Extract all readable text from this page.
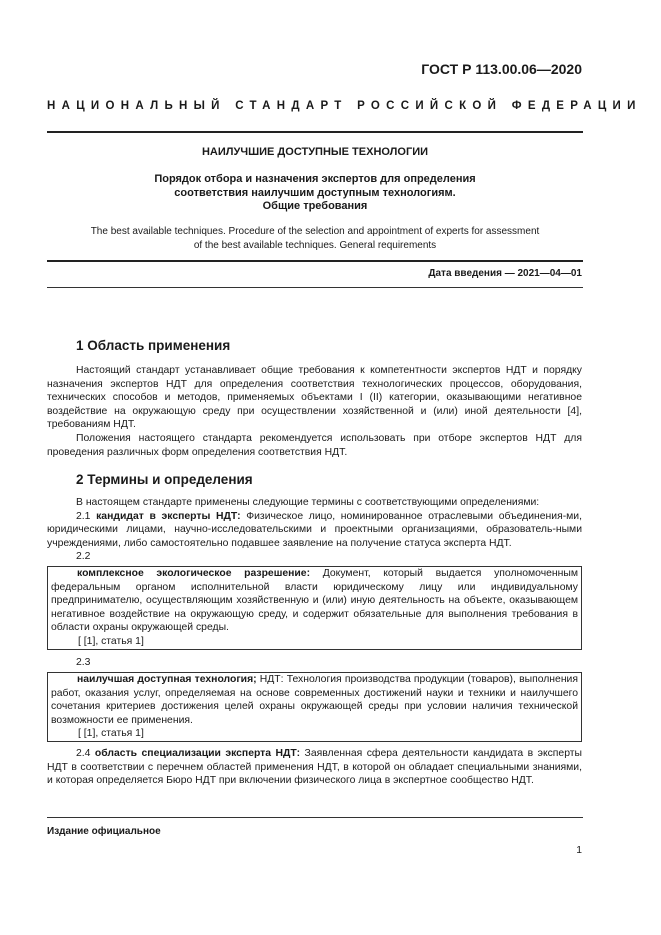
ГОСТ Р 113.00.06—2020
НАЦИОНАЛЬНЫЙ СТАНДАРТ РОССИЙСКОЙ ФЕДЕРАЦИИ
НАИЛУЧШИЕ ДОСТУПНЫЕ ТЕХНОЛОГИИ
Порядок отбора и назначения экспертов для определения
соответствия наилучшим доступным технологиям.
Общие требования
The best available techniques. Procedure of the selection and appointment of experts for assessment
of the best available techniques. General requirements
Дата введения — 2021—04—01
1 Область применения

Настоящий стандарт устанавливает общие требования к компетентности экспертов НДТ и порядку назначения экспертов НДТ для определения соответствия технологических процессов, оборудования, технических способов и методов, применяемых объектами I (II) категории, оказывающими негативное воздействие на окружающую среду при осуществлении хозяйственной и (или) иной деятельности [4], требованиям НДТ.

Положения настоящего стандарта рекомендуется использовать при отборе экспертов НДТ для проведения различных форм определения соответствия НДТ.

2 Термины и определения

В настоящем стандарте применены следующие термины с соответствующими определениями:

2.1 кандидат в эксперты НДТ: Физическое лицо, номинированное отраслевыми объединения-ми, юридическими лицами, научно-исследовательскими и проектными организациями, образователь-ными учреждениями, либо самостоятельно подавшее заявление на получение статуса эксперта НДТ.

2.2

комплексное экологическое разрешение: Документ, который выдается уполномоченным федеральным органом исполнительной власти юридическому лицу или индивидуальному предпринимателю, осуществляющим хозяйственную и (или) иную деятельность на объекте, оказывающем негативное воздействие на окружающую среду, и содержит обязательные для выполнения требования в области охраны окружающей среды.

[ [1], статья 1]

2.3

наилучшая доступная технология; НДТ: Технология производства продукции (товаров), выполнения работ, оказания услуг, определяемая на основе современных достижений науки и техники и наилучшего сочетания критериев достижения целей охраны окружающей среды при условии наличия технической возможности ее применения.

[ [1], статья 1]

2.4 область специализации эксперта НДТ: Заявленная сфера деятельности кандидата в эксперты НДТ в соответствии с перечнем областей применения НДТ, в которой он обладает специальными знаниями, и которая определяется Бюро НДТ при включении физического лица в экспертное сообщество НДТ.

Издание официальное
1
